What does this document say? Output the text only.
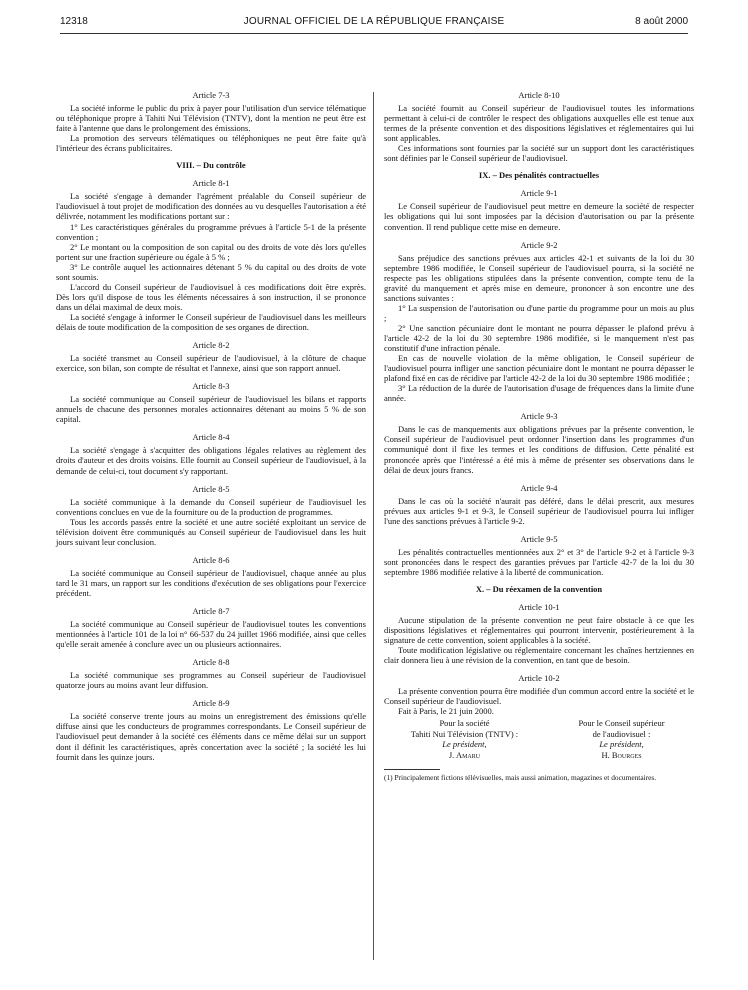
12318	JOURNAL OFFICIEL DE LA RÉPUBLIQUE FRANÇAISE	8 août 2000
Article 7-3

La société informe le public du prix à payer pour l'utilisation d'un service télématique ou téléphonique propre à Tahiti Nui Télévision (TNTV), dont la mention ne peut être est faite à l'antenne que dans le prolongement des émissions.

La promotion des serveurs télématiques ou téléphoniques ne peut être faite qu'à l'intérieur des écrans publicitaires.

VIII. – Du contrôle
Article 8-1

La société s'engage à demander l'agrément préalable du Conseil supérieur de l'audiovisuel à tout projet de modification des données au vu desquelles l'autorisation a été délivrée, notamment les modifications portant sur :

1° Les caractéristiques générales du programme prévues à l'article 5-1 de la présente convention ;

2° Le montant ou la composition de son capital ou des droits de vote dès lors qu'elles portent sur une fraction supérieure ou égale à 5 % ;

3° Le contrôle auquel les actionnaires détenant 5 % du capital ou des droits de vote sont soumis.

L'accord du Conseil supérieur de l'audiovisuel à ces modifications doit être exprès. Dès lors qu'il dispose de tous les éléments nécessaires à son instruction, il se prononce dans un délai maximal de deux mois.

La société s'engage à informer le Conseil supérieur de l'audiovisuel dans les meilleurs délais de toute modification de la composition de ses organes de direction.

Article 8-2

La société transmet au Conseil supérieur de l'audiovisuel, à la clôture de chaque exercice, son bilan, son compte de résultat et l'annexe, ainsi que son rapport annuel.

Article 8-3

La société communique au Conseil supérieur de l'audiovisuel les bilans et rapports annuels de chacune des personnes morales actionnaires détenant au moins 5 % de son capital.

Article 8-4

La société s'engage à s'acquitter des obligations légales relatives au règlement des droits d'auteur et des droits voisins. Elle fournit au Conseil supérieur de l'audiovisuel, à la demande de celui-ci, tout document s'y rapportant.

Article 8-5

La société communique à la demande du Conseil supérieur de l'audiovisuel les conventions conclues en vue de la fourniture ou de la production de programmes.

Tous les accords passés entre la société et une autre société exploitant un service de télévision doivent être communiqués au Conseil supérieur de l'audiovisuel dans les huit jours suivant leur conclusion.

Article 8-6

La société communique au Conseil supérieur de l'audiovisuel, chaque année au plus tard le 31 mars, un rapport sur les conditions d'exécution de ses obligations pour l'exercice précédent.

Article 8-7

La société communique au Conseil supérieur de l'audiovisuel toutes les conventions mentionnées à l'article 101 de la loi n° 66-537 du 24 juillet 1966 modifiée, ainsi que celles qu'elle serait amenée à conclure avec un ou plusieurs actionnaires.

Article 8-8

La société communique ses programmes au Conseil supérieur de l'audiovisuel quatorze jours au moins avant leur diffusion.

Article 8-9

La société conserve trente jours au moins un enregistrement des émissions qu'elle diffuse ainsi que les conducteurs de programmes correspondants. Le Conseil supérieur de l'audiovisuel peut demander à la société ces éléments dans ce même délai sur un support dont il définit les caractéristiques, après concertation avec la société ; la société les lui fournit dans les quinze jours.

Article 8-10

La société fournit au Conseil supérieur de l'audiovisuel toutes les informations permettant à celui-ci de contrôler le respect des obligations auxquelles elle est tenue aux termes de la présente convention et des dispositions législatives et réglementaires qui lui sont applicables.

Ces informations sont fournies par la société sur un support dont les caractéristiques sont définies par le Conseil supérieur de l'audiovisuel.

IX. – Des pénalités contractuelles
Article 9-1

Le Conseil supérieur de l'audiovisuel peut mettre en demeure la société de respecter les obligations qui lui sont imposées par la décision d'autorisation ou par la présente convention. Il rend publique cette mise en demeure.

Article 9-2

Sans préjudice des sanctions prévues aux articles 42-1 et suivants de la loi du 30 septembre 1986 modifiée, le Conseil supérieur de l'audiovisuel pourra, si la société ne respecte pas les obligations stipulées dans la présente convention, compte tenu de la gravité du manquement et après mise en demeure, prononcer à son encontre une des sanctions suivantes :

1° La suspension de l'autorisation ou d'une partie du programme pour un mois au plus ;

2° Une sanction pécuniaire dont le montant ne pourra dépasser le plafond prévu à l'article 42-2 de la loi du 30 septembre 1986 modifiée, si le manquement n'est pas constitutif d'une infraction pénale.

En cas de nouvelle violation de la même obligation, le Conseil supérieur de l'audiovisuel pourra infliger une sanction pécuniaire dont le montant ne pourra dépasser le plafond fixé en cas de récidive par l'article 42-2 de la loi du 30 septembre 1986 modifiée ;

3° La réduction de la durée de l'autorisation d'usage de fréquences dans la limite d'une année.

Article 9-3

Dans le cas de manquements aux obligations prévues par la présente convention, le Conseil supérieur de l'audiovisuel peut ordonner l'insertion dans les programmes d'un communiqué dont il fixe les termes et les conditions de diffusion. Cette pénalité est prononcée après que l'intéressé a été mis à même de présenter ses observations dans le délai de deux jours francs.

Article 9-4

Dans le cas où la société n'aurait pas déféré, dans le délai prescrit, aux mesures prévues aux articles 9-1 et 9-3, le Conseil supérieur de l'audiovisuel pourra lui infliger l'une des sanctions prévues à l'article 9-2.

Article 9-5

Les pénalités contractuelles mentionnées aux 2° et 3° de l'article 9-2 et à l'article 9-3 sont prononcées dans le respect des garanties prévues par l'article 42-7 de la loi du 30 septembre 1986 modifiée relative à la liberté de communication.

X. – Du réexamen de la convention
Article 10-1

Aucune stipulation de la présente convention ne peut faire obstacle à ce que les dispositions législatives et réglementaires qui pourront intervenir, postérieurement à la signature de cette convention, soient applicables à la société.

Toute modification législative ou réglementaire concernant les chaînes hertziennes en clair donnera lieu à une révision de la convention, en tant que de besoin.

Article 10-2

La présente convention pourra être modifiée d'un commun accord entre la société et le Conseil supérieur de l'audiovisuel.

Fait à Paris, le 21 juin 2000.

Pour la société
Tahiti Nui Télévision (TNTV) :
Le président,
J. Amaru
Pour le Conseil supérieur
de l'audiovisuel :
Le président,
H. Bourges

(1) Principalement fictions télévisuelles, mais aussi animation, magazines et documentaires.
